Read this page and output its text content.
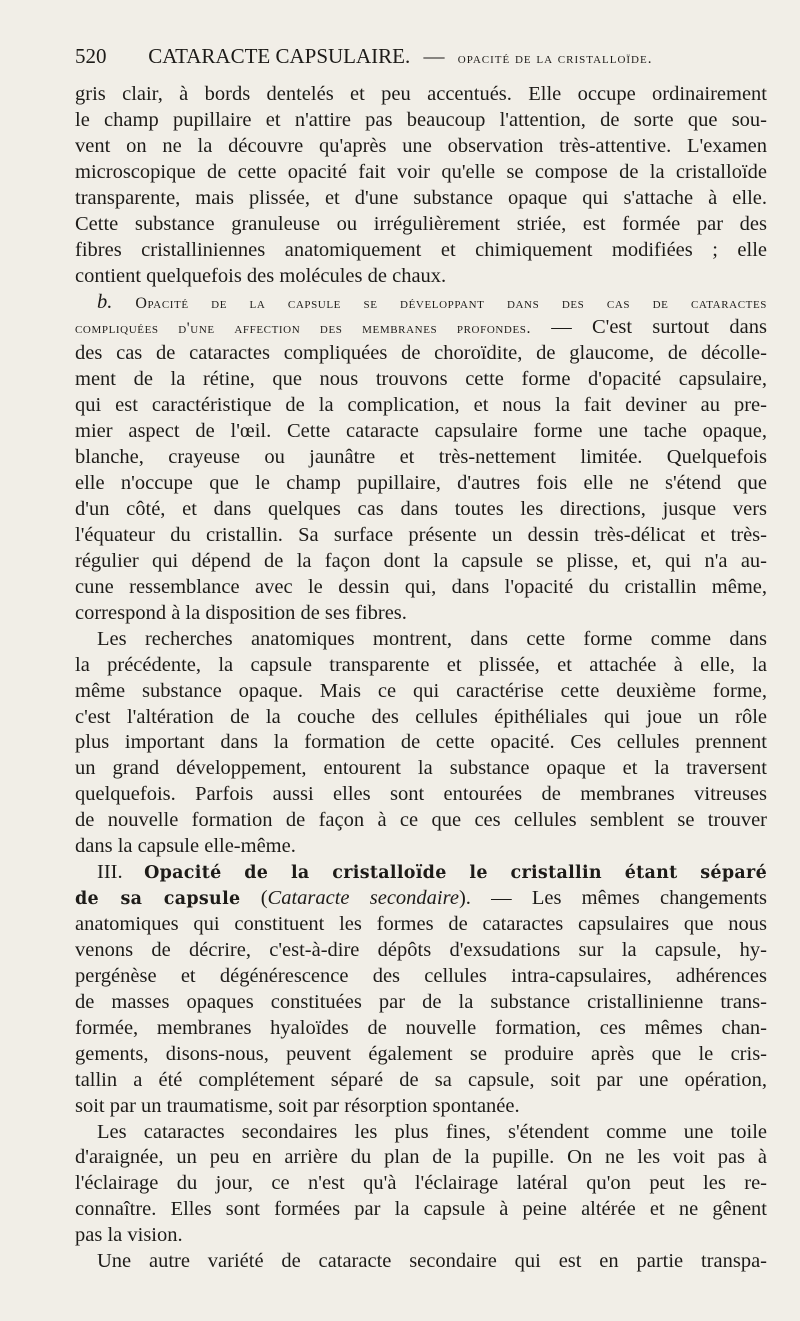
520 CATARACTE CAPSULAIRE. — opacité de la cristalloïde.
gris clair, à bords dentelés et peu accentués. Elle occupe ordinairement
le champ pupillaire et n'attire pas beaucoup l'attention, de sorte que sou-
vent on ne la découvre qu'après une observation très-attentive. L'examen
microscopique de cette opacité fait voir qu'elle se compose de la cristalloïde
transparente, mais plissée, et d'une substance opaque qui s'attache à elle.
Cette substance granuleuse ou irrégulièrement striée, est formée par des
fibres cristalliniennes anatomiquement et chimiquement modifiées ; elle
contient quelquefois des molécules de chaux.
b. Opacité de la capsule se développant dans des cas de cataractes
compliquées d'une affection des membranes profondes. — C'est surtout dans
des cas de cataractes compliquées de choroïdite, de glaucome, de décolle-
ment de la rétine, que nous trouvons cette forme d'opacité capsulaire,
qui est caractéristique de la complication, et nous la fait deviner au pre-
mier aspect de l'œil. Cette cataracte capsulaire forme une tache opaque,
blanche, crayeuse ou jaunâtre et très-nettement limitée. Quelquefois
elle n'occupe que le champ pupillaire, d'autres fois elle ne s'étend que
d'un côté, et dans quelques cas dans toutes les directions, jusque vers
l'équateur du cristallin. Sa surface présente un dessin très-délicat et très-
régulier qui dépend de la façon dont la capsule se plisse, et, qui n'a au-
cune ressemblance avec le dessin qui, dans l'opacité du cristallin même,
correspond à la disposition de ses fibres.
Les recherches anatomiques montrent, dans cette forme comme dans
la précédente, la capsule transparente et plissée, et attachée à elle, la
même substance opaque. Mais ce qui caractérise cette deuxième forme,
c'est l'altération de la couche des cellules épithéliales qui joue un rôle
plus important dans la formation de cette opacité. Ces cellules prennent
un grand développement, entourent la substance opaque et la traversent
quelquefois. Parfois aussi elles sont entourées de membranes vitreuses
de nouvelle formation de façon à ce que ces cellules semblent se trouver
dans la capsule elle-même.
III. Opacité de la cristalloïde le cristallin étant séparé
de sa capsule (Cataracte secondaire). — Les mêmes changements
anatomiques qui constituent les formes de cataractes capsulaires que nous
venons de décrire, c'est-à-dire dépôts d'exsudations sur la capsule, hy-
pergénèse et dégénérescence des cellules intra-capsulaires, adhérences
de masses opaques constituées par de la substance cristallinienne trans-
formée, membranes hyaloïdes de nouvelle formation, ces mêmes chan-
gements, disons-nous, peuvent également se produire après que le cris-
tallin a été complétement séparé de sa capsule, soit par une opération,
soit par un traumatisme, soit par résorption spontanée.
Les cataractes secondaires les plus fines, s'étendent comme une toile
d'araignée, un peu en arrière du plan de la pupille. On ne les voit pas à
l'éclairage du jour, ce n'est qu'à l'éclairage latéral qu'on peut les re-
connaître. Elles sont formées par la capsule à peine altérée et ne gênent
pas la vision.
Une autre variété de cataracte secondaire qui est en partie transpa-
